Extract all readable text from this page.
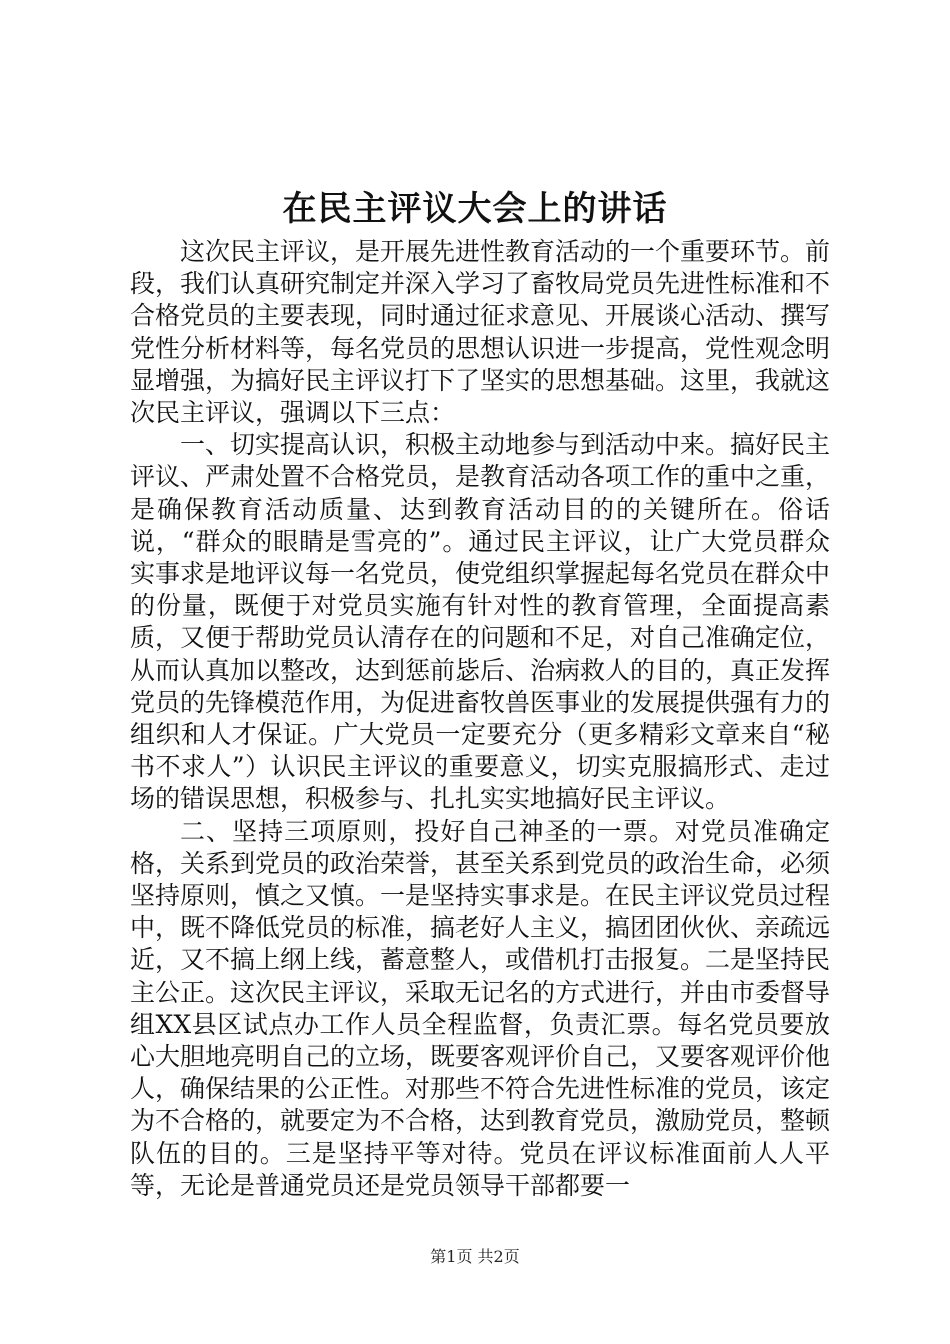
在民主评议大会上的讲话

这次民主评议，是开展先进性教育活动的一个重要环节。前段，我们认真研究制定并深入学习了畜牧局党员先进性标准和不合格党员的主要表现，同时通过征求意见、开展谈心活动、撰写党性分析材料等，每名党员的思想认识进一步提高，党性观念明显增强，为搞好民主评议打下了坚实的思想基础。这里，我就这次民主评议，强调以下三点：

一、切实提高认识，积极主动地参与到活动中来。搞好民主评议、严肃处置不合格党员，是教育活动各项工作的重中之重，是确保教育活动质量、达到教育活动目的的关键所在。俗话说，“群众的眼睛是雪亮的”。通过民主评议，让广大党员群众实事求是地评议每一名党员，使党组织掌握起每名党员在群众中的份量，既便于对党员实施有针对性的教育管理，全面提高素质，又便于帮助党员认清存在的问题和不足，对自己准确定位，从而认真加以整改，达到惩前毖后、治病救人的目的，真正发挥党员的先锋模范作用，为促进畜牧兽医事业的发展提供强有力的组织和人才保证。广大党员一定要充分（更多精彩文章来自“秘书不求人”）认识民主评议的重要意义，切实克服搞形式、走过场的错误思想，积极参与、扎扎实实地搞好民主评议。

二、坚持三项原则，投好自己神圣的一票。对党员准确定格，关系到党员的政治荣誉，甚至关系到党员的政治生命，必须坚持原则，慎之又慎。一是坚持实事求是。在民主评议党员过程中，既不降低党员的标准，搞老好人主义，搞团团伙伙、亲疏远近，又不搞上纲上线，蓄意整人，或借机打击报复。二是坚持民主公正。这次民主评议，采取无记名的方式进行，并由市委督导组XX县区试点办工作人员全程监督，负责汇票。每名党员要放心大胆地亮明自己的立场，既要客观评价自己，又要客观评价他人，确保结果的公正性。对那些不符合先进性标准的党员，该定为不合格的，就要定为不合格，达到教育党员，激励党员，整顿队伍的目的。三是坚持平等对待。党员在评议标准面前人人平等，无论是普通党员还是党员领导干部都要一

第1页 共2页
